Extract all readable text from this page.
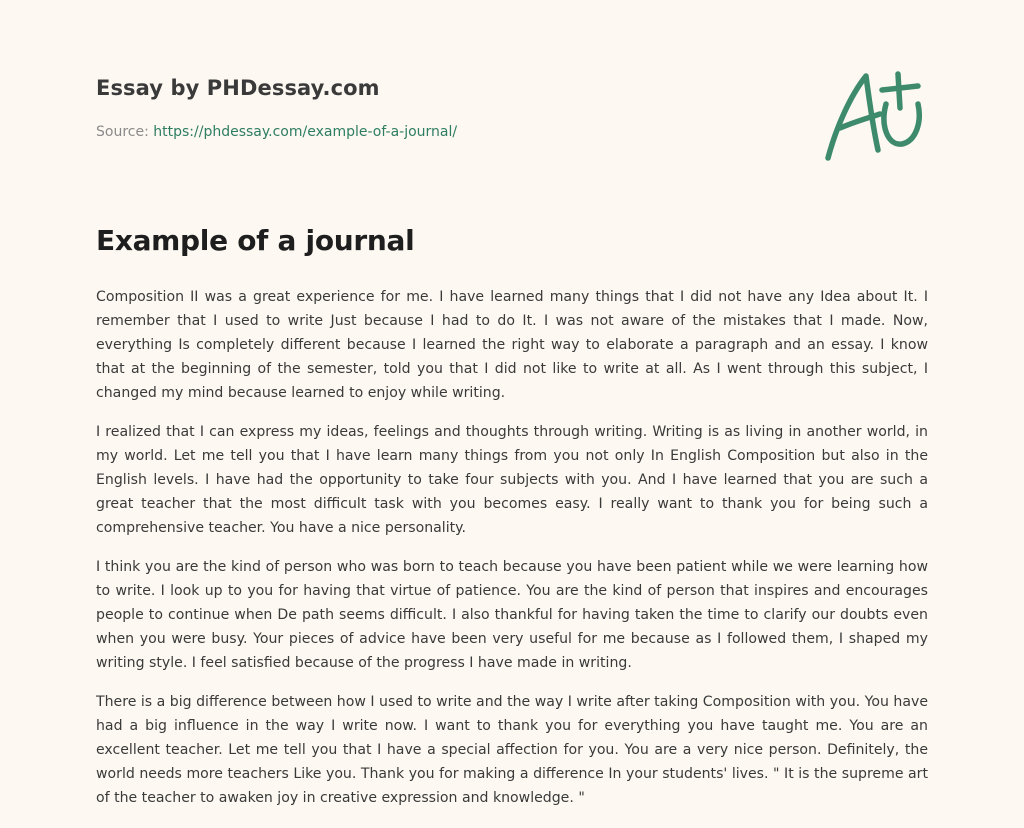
Essay by PHDessay.com
Source: https://phdessay.com/example-of-a-journal/
Example of a journal

Composition II was a great experience for me. I have learned many things that I did not have any Idea about It. I remember that I used to write Just because I had to do It. I was not aware of the mistakes that I made. Now, everything Is completely different because I learned the right way to elaborate a paragraph and an essay. I know that at the beginning of the semester, told you that I did not like to write at all. As I went through this subject, I changed my mind because learned to enjoy while writing.

I realized that I can express my ideas, feelings and thoughts through writing. Writing is as living in another world, in my world. Let me tell you that I have learn many things from you not only In English Composition but also in the English levels. I have had the opportunity to take four subjects with you. And I have learned that you are such a great teacher that the most difficult task with you becomes easy. I really want to thank you for being such a comprehensive teacher. You have a nice personality.

I think you are the kind of person who was born to teach because you have been patient while we were learning how to write. I look up to you for having that virtue of patience. You are the kind of person that inspires and encourages people to continue when De path seems difficult. I also thankful for having taken the time to clarify our doubts even when you were busy. Your pieces of advice have been very useful for me because as I followed them, I shaped my writing style. I feel satisfied because of the progress I have made in writing.

There is a big difference between how I used to write and the way I write after taking Composition with you. You have had a big influence in the way I write now. I want to thank you for everything you have taught me. You are an excellent teacher. Let me tell you that I have a special affection for you. You are a very nice person. Definitely, the world needs more teachers Like you. Thank you for making a difference In your students' lives. " It is the supreme art of the teacher to awaken joy in creative expression and knowledge. "
